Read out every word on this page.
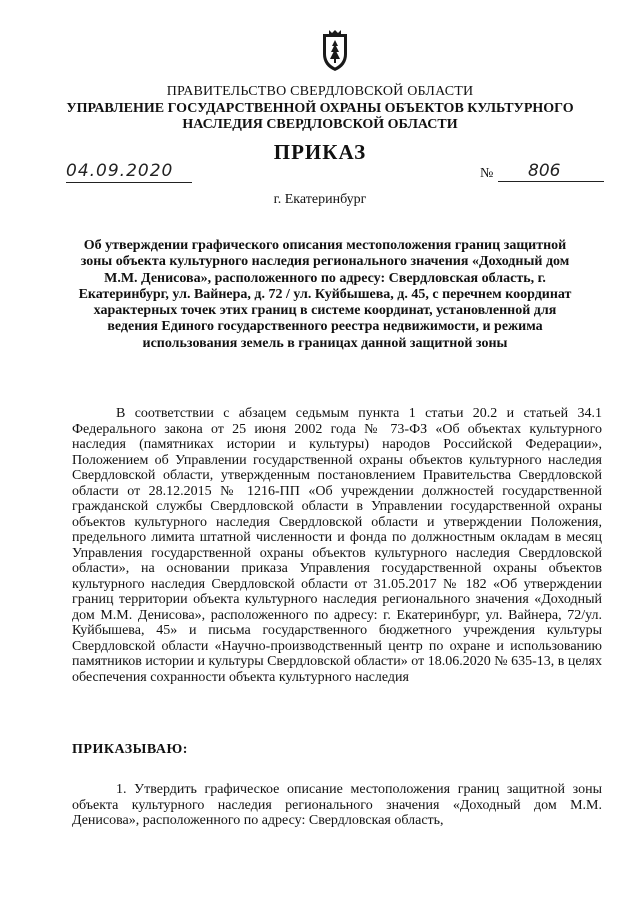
ПРАВИТЕЛЬСТВО СВЕРДЛОВСКОЙ ОБЛАСТИ
УПРАВЛЕНИЕ ГОСУДАРСТВЕННОЙ ОХРАНЫ ОБЪЕКТОВ КУЛЬТУРНОГО НАСЛЕДИЯ СВЕРДЛОВСКОЙ ОБЛАСТИ
ПРИКАЗ
04.09.2020	№	806
г. Екатеринбург
Об утверждении графического описания местоположения границ защитной зоны объекта культурного наследия регионального значения «Доходный дом М.М. Денисова», расположенного по адресу: Свердловская область, г. Екатеринбург, ул. Вайнера, д. 72 / ул. Куйбышева, д. 45, с перечнем координат характерных точек этих границ в системе координат, установленной для ведения Единого государственного реестра недвижимости, и режима использования земель в границах данной защитной зоны
В соответствии с абзацем седьмым пункта 1 статьи 20.2 и статьей 34.1 Федерального закона от 25 июня 2002 года № 73-ФЗ «Об объектах культурного наследия (памятниках истории и культуры) народов Российской Федерации», Положением об Управлении государственной охраны объектов культурного наследия Свердловской области, утвержденным постановлением Правительства Свердловской области от 28.12.2015 № 1216-ПП «Об учреждении должностей государственной гражданской службы Свердловской области в Управлении государственной охраны объектов культурного наследия Свердловской области и утверждении Положения, предельного лимита штатной численности и фонда по должностным окладам в месяц Управления государственной охраны объектов культурного наследия Свердловской области», на основании приказа Управления государственной охраны объектов культурного наследия Свердловской области от 31.05.2017 № 182 «Об утверждении границ территории объекта культурного наследия регионального значения «Доходный дом М.М. Денисова», расположенного по адресу: г. Екатеринбург, ул. Вайнера, 72/ул. Куйбышева, 45» и письма государственного бюджетного учреждения культуры Свердловской области «Научно-производственный центр по охране и использованию памятников истории и культуры Свердловской области» от 18.06.2020 № 635-13, в целях обеспечения сохранности объекта культурного наследия
ПРИКАЗЫВАЮ:
1. Утвердить графическое описание местоположения границ защитной зоны объекта культурного наследия регионального значения «Доходный дом М.М. Денисова», расположенного по адресу: Свердловская область,
